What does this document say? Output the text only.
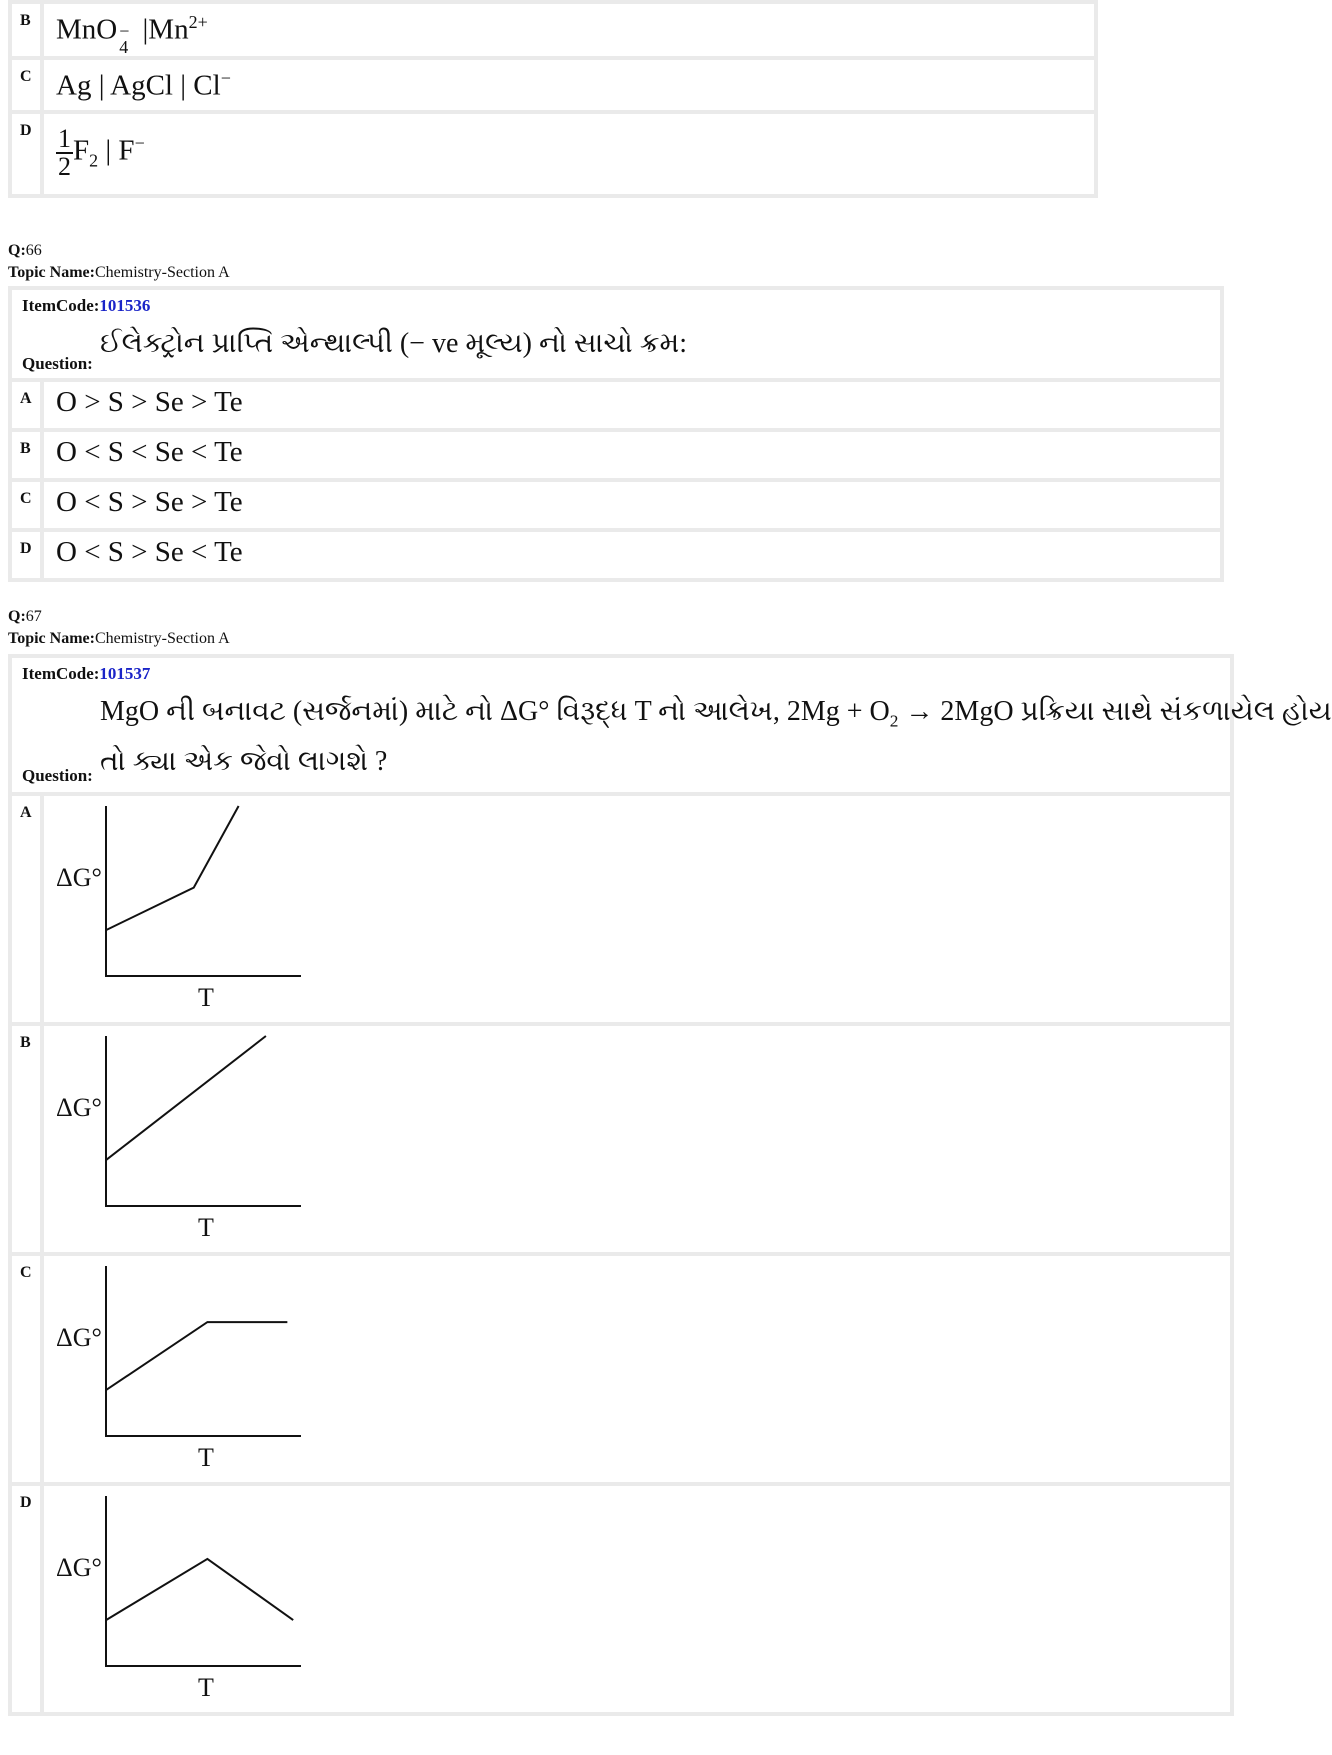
B MnO −
4
$|Mn^{2+}$
C Ag | AgCl | Cl−
D $\frac{1}{2} F_2$ | F−
Q:66
Topic Name:Chemistry-Section A
ItemCode:101536
ઈલેક્ટ્રોન પ્રાપ્તિ એન્થાલ્પી (− ve મૂલ્ય) નો સાચો ક્રમ:
Question:
A O > S > Se > Te
B O < S < Se < Te
C O < S > Se > Te
D O < S > Se < Te
Q:67
Topic Name:Chemistry-Section A
ItemCode:101537
MgO ની બનાવટ (સર્જનમાં) માટે નો ΔG° વિરૂદ્ધ T નો આલેખ, $2Mg + O_2 \to 2MgO$ પ્રક્રિયા સાથે સંકળાયેલ હોય
તો ક્યા એક જેવો લાગશે ?
Question:
A
ΔG°
T
B
ΔG°
T
C
ΔG°
T
D
ΔG°
T
